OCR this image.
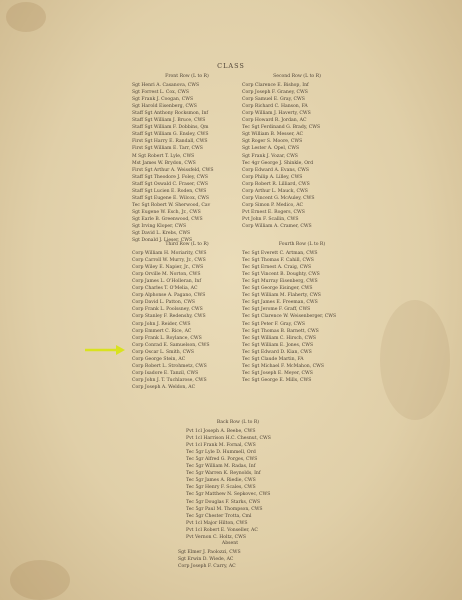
CLASS
Front Row (L to R)
Sgt Henri A. Casanova, CWS
Sgt Forrest L. Cox, CWS
Sgt Frank J. Coogan, CWS
Sgt Harold Eisenberg, CWS
Staff Sgt Anthony Rocksmon, Inf
Staff Sgt William J. Bruce, CWS
Staff Sgt William F. Dobbins, Qm
Staff Sgt William G. Ensley, CWS
First Sgt Harry E. Randall, CWS
First Sgt William E. Tarr, CWS
M Sgt Robert T. Lyle, CWS
Mst James W. Brydon, CWS
First Sgt Arthur A. Weissfeld, CWS
Staff Sgt Theodore J. Foley, CWS
Staff Sgt Oswald C. Fraser, CWS
Staff Sgt Lucien E. Roden, CWS
Staff Sgt Eugene E. Wilcox, CWS
Tec Sgt Robert W. Sherwood, Cav
Sgt Eugene W. Esch, Jr., CWS
Sgt Earle B. Greenwood, CWS
Sgt Irving Kloper, CWS
Sgt David L. Krebs, CWS
Sgt Donald J. Lieser, CWS
Second Row (L to R)
Corp Clarence E. Bishop, Inf
Corp Joseph F. Graney, CWS
Corp Samuel E. Gray, CWS
Corp Richard C. Hanson, FA
Corp William J. Haverty, CWS
Corp Howard R. Jordan, AC
Tec Sgt Ferdinand G. Brady, CWS
Sgt William B. Messer, AC
Sgt Roger S. Moore, CWS
Sgt Lester A. Opel, CWS
Sgt Frank J. Vozar, CWS
Tec 4gr George J. Shinkle, Ord
Corp Edward A. Evans, CWS
Corp Philip A. Lilley, CWS
Corp Robert R. Lilliard, CWS
Corp Arthur L. Mauck, CWS
Corp Vincent G. McAuley, CWS
Corp Simon P. Medico, AC
Pvt Ernest E. Rogers, CWS
Pvt John F. Scallin, CWS
Corp William A. Cramer, CWS
Third Row (L to R)
Corp William H. Moriarity, CWS
Corp Carroll W. Murry, Jr., CWS
Corp Wiley E. Napier, Jr., CWS
Corp Orville M. Norton, CWS
Corp James L. O'Holleran, Inf
Corp Charles T. O'Melia, AC
Corp Alphonse A. Pagano, CWS
Corp David L. Patton, CWS
Corp Frank L. Poolssney, CWS
Corp Stanley F. Redenshy, CWS
Corp John J. Reider, CWS
Corp Emmert C. Rice, AC
Corp Frank L. Roylance, CWS
Corp Conrad E. Samuelson, CWS
Corp Oscar L. Smith, CWS
Corp George Stein, AC
Corp Robert L. Strohmetz, CWS
Corp Isadore E. Tanzil, CWS
Corp John J. T. Tuchlarose, CWS
Corp Joseph A. Weldon, AC
Fourth Row (L to R)
Tec Sgt Everett C. Artman, CWS
Tec Sgt Thomas F. Cahill, CWS
Tec Sgt Ernest A. Craig, CWS
Tec Sgt Vincent B. Doughty, CWS
Tec Sgt Murray Eisenberg, CWS
Tec Sgt George Eisinger, CWS
Tec Sgt William M. Flaherty, CWS
Tec Sgt James E. Freeman, CWS
Tec Sgt Jerome F. Graff, CWS
Tec Sgt Clarence W. Weisenberger, CWS
Tec Sgt Peter F. Gray, CWS
Tec Sgt Thomas B. Barnett, CWS
Tec Sgt William C. Hirsch, CWS
Tec Sgt William E. Jones, CWS
Tec Sgt Edward D. Kian, CWS
Tec Sgt Claude Martin, FA
Tec Sgt Michael F. McMahon, CWS
Tec Sgt Joseph E. Meyer, CWS
Tec Sgt George E. Mills, CWS
Back Row (L to R)
Pvt 1cl Joseph A. Beebe, CWS
Pvt 1cl Harrison H.C. Chesnut, CWS
Pvt 1cl Frank M. Fornal, CWS
Tec 5gr Lyle D. Hummell, Ord
Tec 5gr Alfred G. Porges, CWS
Tec 5gr William M. Radas, Inf
Tec 5gr Warren K. Reynolds, Inf
Tec 5gr James A. Riedie, CWS
Tec 5gr Henry F. Scales, CWS
Tec 5gr Matthew N. Sepkovec, CWS
Tec 5gr Douglas F. Starks, CWS
Tec 5gr Paul M. Thompson, CWS
Tec 5gr Chester Trotta, Cml
Pvt 1cl Major Hilton, CWS
Pvt 1cl Robert E. Vonseller, AC
Pvt Vernon C. Holtz, CWS
Absent
Sgt Elmer J. Paolozzi, CWS
Sgt Erwin D. Wiede, AC
Corp Joseph F. Carry, AC
